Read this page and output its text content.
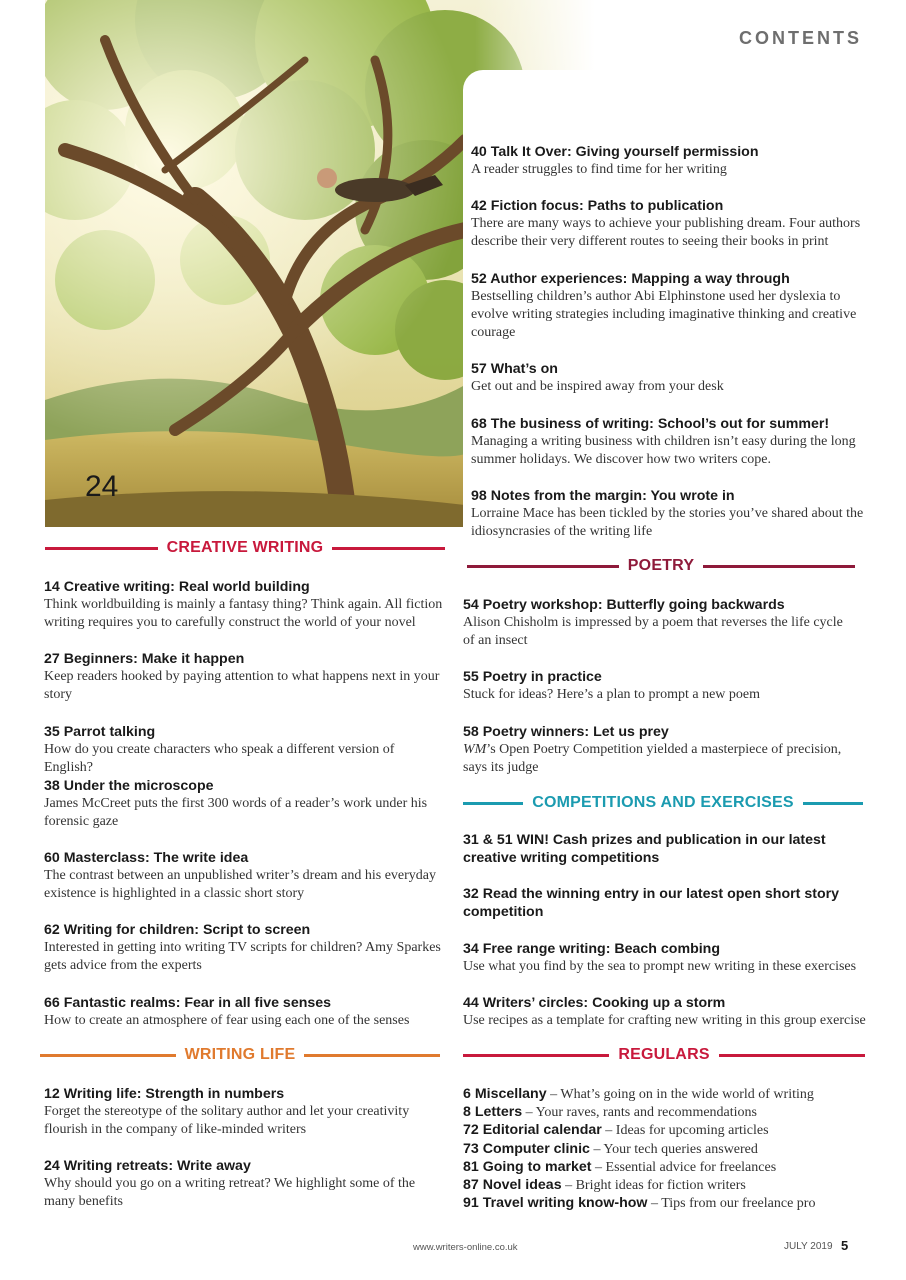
CONTENTS
24
40 Talk It Over: Giving yourself permission
A reader struggles to find time for her writing
42 Fiction focus: Paths to publication
There are many ways to achieve your publishing dream. Four authors describe their very different routes to seeing their books in print
52 Author experiences: Mapping a way through
Bestselling children’s author Abi Elphinstone used her dyslexia to evolve writing strategies including imaginative thinking and creative courage
57 What’s on
Get out and be inspired away from your desk
68 The business of writing: School’s out for summer!
Managing a writing business with children isn’t easy during the long summer holidays. We discover how two writers cope.
98 Notes from the margin: You wrote in
Lorraine Mace has been tickled by the stories you’ve shared about the idiosyncrasies of the writing life
CREATIVE WRITING
14 Creative writing: Real world building
Think worldbuilding is mainly a fantasy thing? Think again. All fiction writing requires you to carefully construct the world of your novel
27 Beginners: Make it happen
Keep readers hooked by paying attention to what happens next in your story
35 Parrot talking
How do you create characters who speak a different version of English?
38 Under the microscope
James McCreet puts the first 300 words of a reader’s work under his forensic gaze
60 Masterclass: The write idea
The contrast between an unpublished writer’s dream and his everyday existence is highlighted in a classic short story
62 Writing for children: Script to screen
Interested in getting into writing TV scripts for children? Amy Sparkes gets advice from the experts
66 Fantastic realms: Fear in all five senses
How to create an atmosphere of fear using each one of the senses
WRITING LIFE
12 Writing life: Strength in numbers
Forget the stereotype of the solitary author and let your creativity flourish in the company of like-minded writers
24 Writing retreats: Write away
Why should you go on a writing retreat? We highlight some of the many benefits
POETRY
54 Poetry workshop: Butterfly going backwards
Alison Chisholm is impressed by a poem that reverses the life cycle of an insect
55 Poetry in practice
Stuck for ideas? Here’s a plan to prompt a new poem
58 Poetry winners: Let us prey
WM’s Open Poetry Competition yielded a masterpiece of precision, says its judge
COMPETITIONS AND EXERCISES
31 & 51 WIN! Cash prizes and publication in our latest creative writing competitions
32 Read the winning entry in our latest open short story competition
34 Free range writing: Beach combing
Use what you find by the sea to prompt new writing in these exercises
44 Writers’ circles: Cooking up a storm
Use recipes as a template for crafting new writing in this group exercise
REGULARS
6 Miscellany – What’s going on in the wide world of writing
8 Letters – Your raves, rants and recommendations
72 Editorial calendar – Ideas for upcoming articles
73 Computer clinic – Your tech queries answered
81 Going to market – Essential advice for freelances
87 Novel ideas – Bright ideas for fiction writers
91 Travel writing know-how – Tips from our freelance pro
www.writers-online.co.uk	JULY 2019 5
